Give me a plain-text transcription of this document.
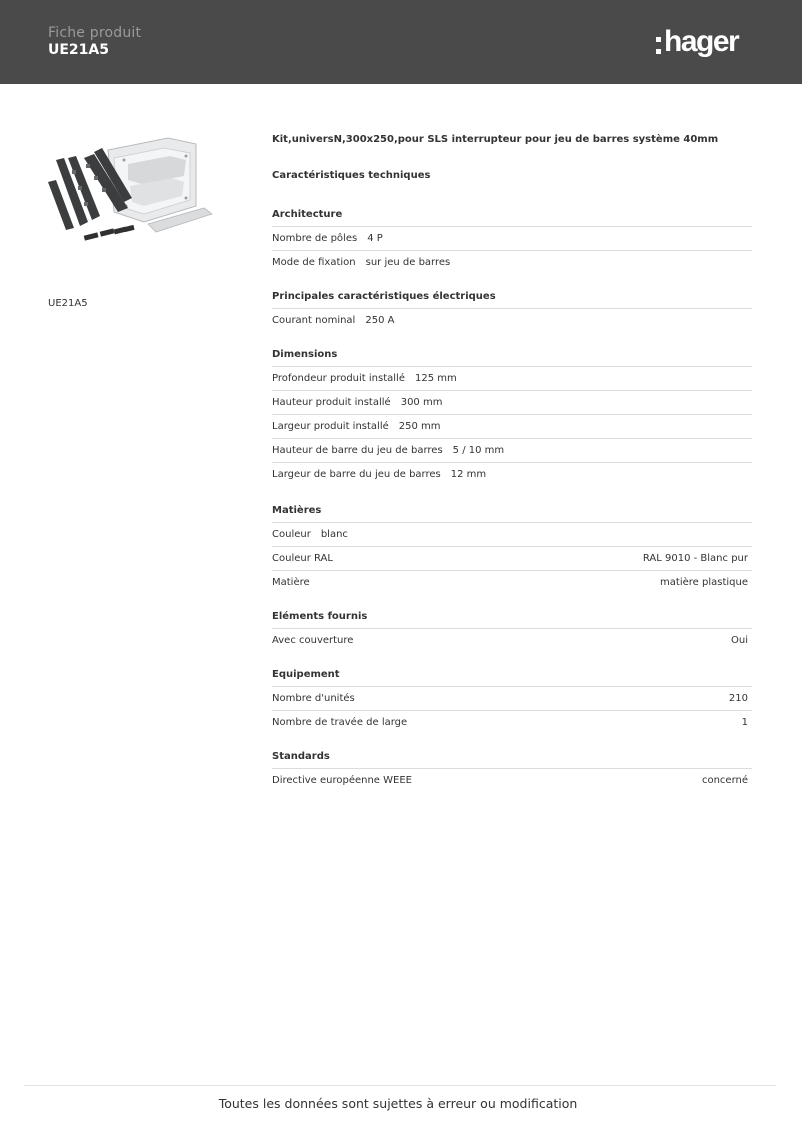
Fiche produit
UE21A5	hager
UE21A5
Kit,universN,300x250,pour SLS interrupteur pour jeu de barres système 40mm
Caractéristiques techniques
Architecture
Nombre de pôles 4 P
Mode de fixation sur jeu de barres
Principales caractéristiques électriques
Courant nominal 250 A
Dimensions
Profondeur produit installé 125 mm
Hauteur produit installé 300 mm
Largeur produit installé 250 mm
Hauteur de barre du jeu de barres 5 / 10 mm
Largeur de barre du jeu de barres 12 mm
Matières
Couleur blanc
Couleur RAL	RAL 9010 - Blanc pur
Matière	matière plastique
Eléments fournis
Avec couverture	Oui
Equipement
Nombre d'unités	210
Nombre de travée de large	1
Standards
Directive européenne WEEE	concerné
Toutes les données sont sujettes à erreur ou modification
